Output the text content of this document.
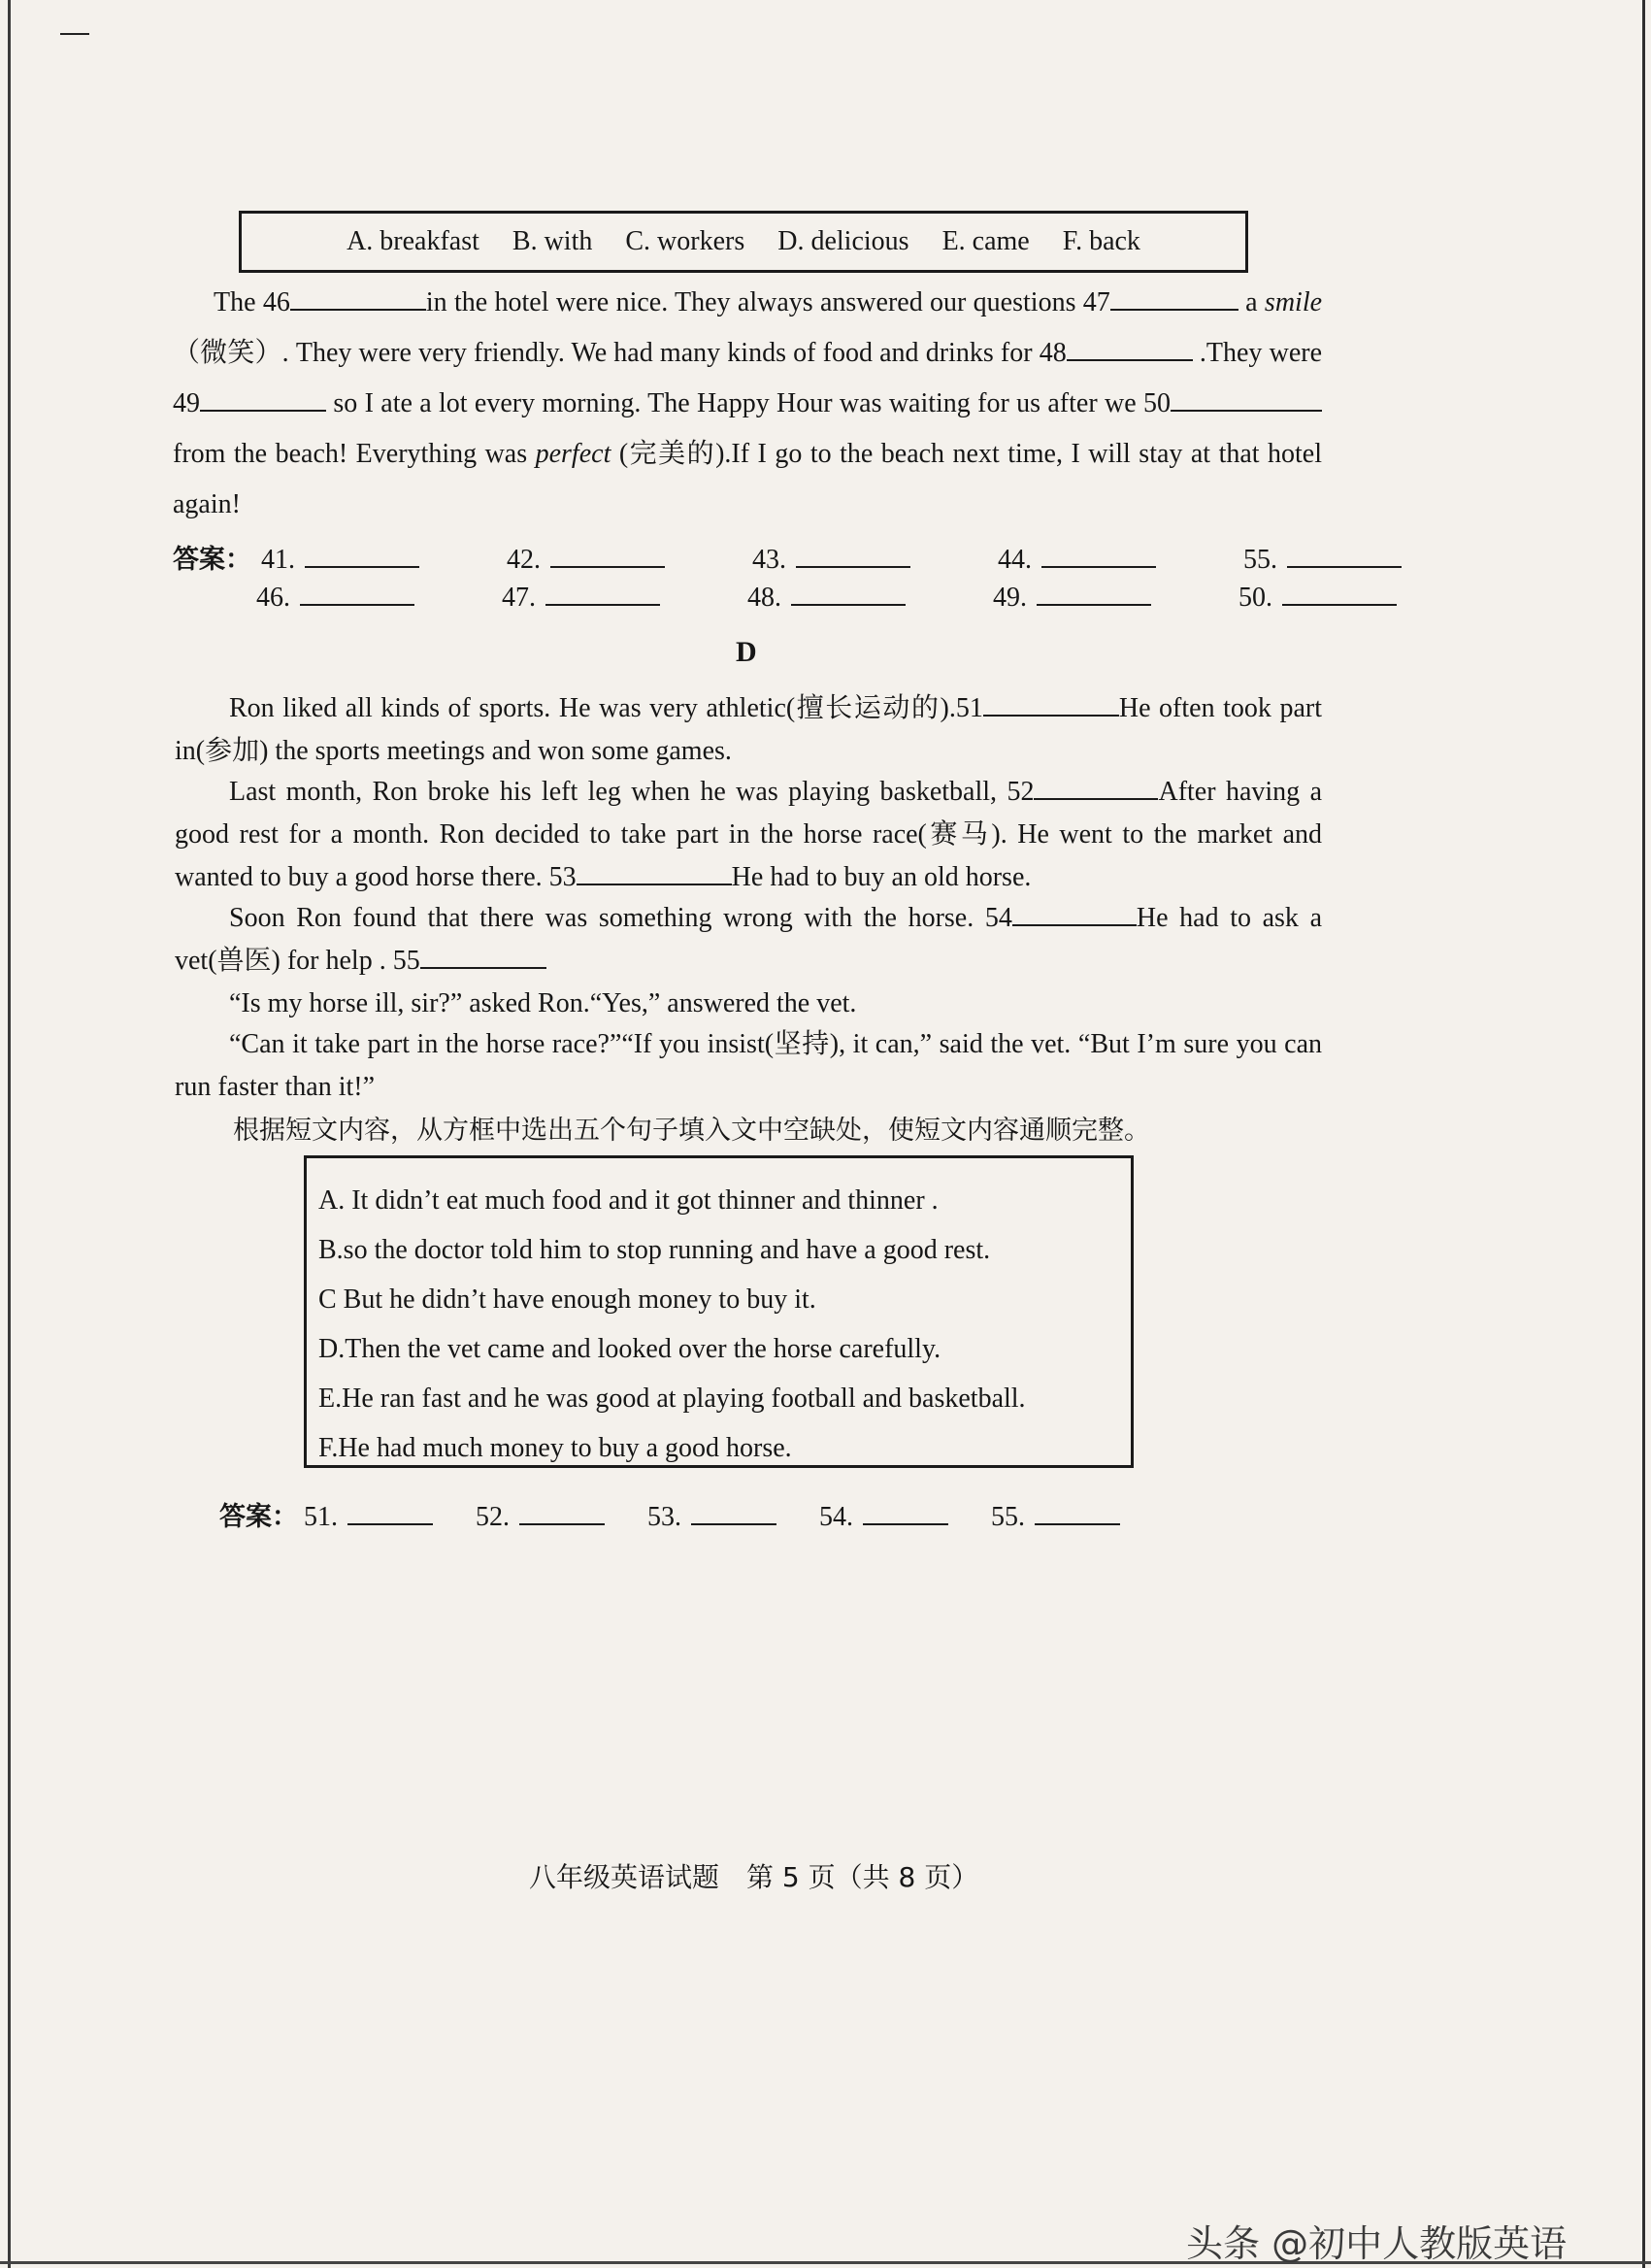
A. breakfast B. with C. workers D. delicious E. came F. back
The 46	in the hotel were nice. They always answered our questions 47	a smile （微笑）. They were very friendly. We had many kinds of food and drinks for 48	.They were 49	so I ate a lot every morning. The Happy Hour was waiting for us after we 50 from the beach! Everything was perfect (完美的).If I go to the beach next time, I will stay at that hotel again!
答案： 41.	42.	43.	44.	55.
46.	47.	48.	49.	50.
D
Ron liked all kinds of sports. He was very athletic(擅长运动的).51	He often took part in(参加) the sports meetings and won some games.
Last month, Ron broke his left leg when he was playing basketball, 52	After having a good rest for a month. Ron decided to take part in the horse race(赛马). He went to the market and wanted to buy a good horse there. 53	He had to buy an old horse.
Soon Ron found that there was something wrong with the horse. 54	He had to ask a vet(兽医) for help . 55
“Is my horse ill, sir?” asked Ron.“Yes,” answered the vet.
“Can it take part in the horse race?”“If you insist(坚持), it can,” said the vet. “But I’m sure you can run faster than it!”
根据短文内容，从方框中选出五个句子填入文中空缺处，使短文内容通顺完整。
A. It didn’t eat much food and it got thinner and thinner .
B.so the doctor told him to stop running and have a good rest.
C But he didn’t have enough money to buy it.
D.Then the vet came and looked over the horse carefully.
E.He ran fast and he was good at playing football and basketball.
F.He had much money to buy a good horse.
答案： 51.	52.	53.	54.	55.
八年级英语试题　第 5 页（共 8 页）
头条 @初中人教版英语
